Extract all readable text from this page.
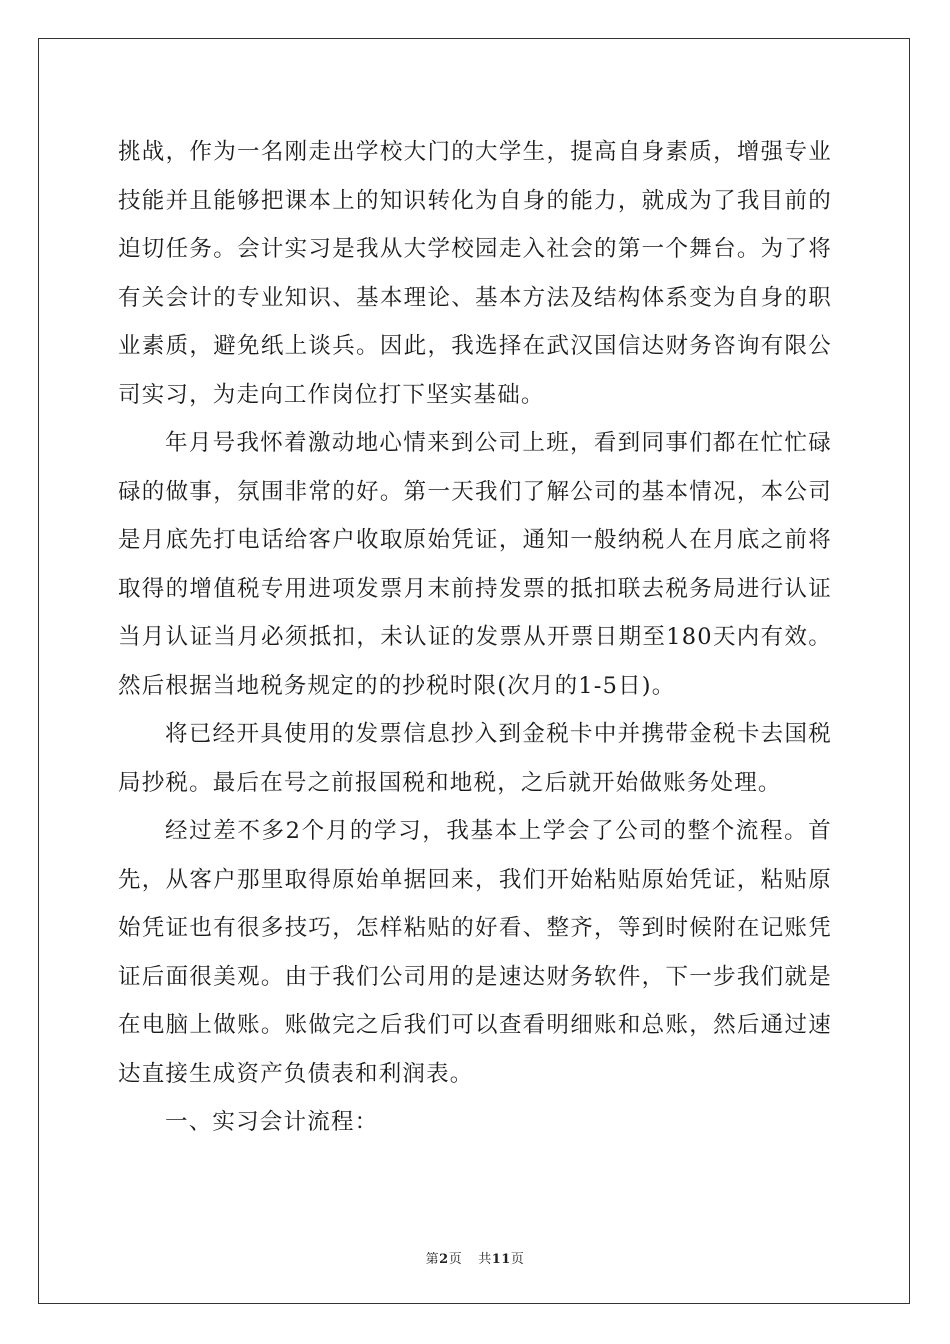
挑战，作为一名刚走出学校大门的大学生，提高自身素质，增强专业技能并且能够把课本上的知识转化为自身的能力，就成为了我目前的迫切任务。会计实习是我从大学校园走入社会的第一个舞台。为了将有关会计的专业知识、基本理论、基本方法及结构体系变为自身的职业素质，避免纸上谈兵。因此，我选择在武汉国信达财务咨询有限公司实习，为走向工作岗位打下坚实基础。

年月号我怀着激动地心情来到公司上班，看到同事们都在忙忙碌碌的做事，氛围非常的好。第一天我们了解公司的基本情况，本公司是月底先打电话给客户收取原始凭证，通知一般纳税人在月底之前将取得的增值税专用进项发票月末前持发票的抵扣联去税务局进行认证当月认证当月必须抵扣，未认证的发票从开票日期至180天内有效。然后根据当地税务规定的的抄税时限(次月的1-5日)。

将已经开具使用的发票信息抄入到金税卡中并携带金税卡去国税局抄税。最后在号之前报国税和地税，之后就开始做账务处理。

经过差不多2个月的学习，我基本上学会了公司的整个流程。首先，从客户那里取得原始单据回来，我们开始粘贴原始凭证，粘贴原始凭证也有很多技巧，怎样粘贴的好看、整齐，等到时候附在记账凭证后面很美观。由于我们公司用的是速达财务软件，下一步我们就是在电脑上做账。账做完之后我们可以查看明细账和总账，然后通过速达直接生成资产负债表和利润表。

一、实习会计流程：

第2页 共11页
